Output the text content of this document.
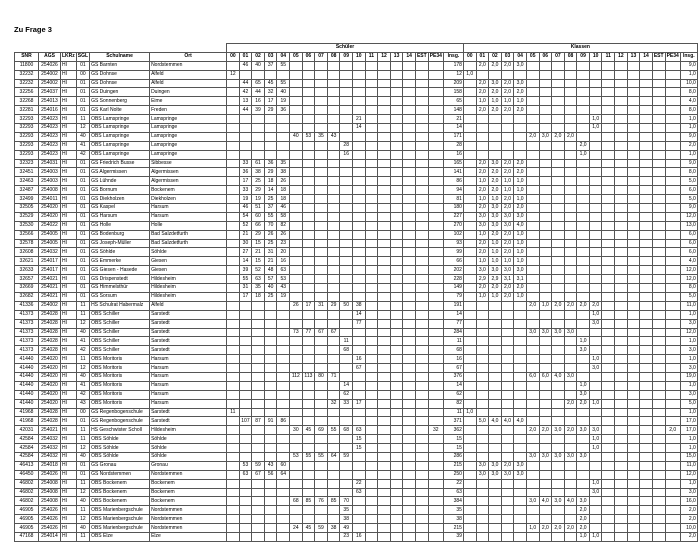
Zu Frage 3
						Schüler																		Klassen																	
SNR	AGS	LKRz	SGL	Schulname	Ort	00	01	02	03	04	05	06	07	08	09	10	11	12	13	14	EST	PE34	Insg.	00	01	02	03	04	05	06	07	08	09	10	11	12	13	14	EST	PE34	Insg.
11800	254026	HI	01	GS Barnten	Nordstemmen		46	40	37	55													178		2,0	2,0	2,0	3,0													9,0
32232	254002	HI	00	GS Dohnse	Alfeld	12																	12	1,0																	1,0
32232	254002	HI	01	GS Dohnse	Alfeld		44	65	45	55													209		2,0	3,0	2,0	3,0													10,0
32256	254037	HI	01	GS Duingen	Duingen		42	44	32	40													158		2,0	2,0	2,0	2,0													8,0
32268	254013	HI	01	GS Sonnenberg	Eime		13	16	17	19													65		1,0	1,0	1,0	1,0													4,0
32281	254016	HI	01	GS Karl Nolte	Freden		44	39	29	36													148		2,0	2,0	2,0	2,0													8,0
32293	254023	HI	11	OBS Lamspringe	Lamspringe											21							21											1,0							1,0
32293	254023	HI	12	OBS Lamspringe	Lamspringe											14							14											1,0							1,0
32293	254023	HI	40	OBS Lamspringe	Lamspringe						40	53	35	43									171						2,0	3,0	2,0	2,0									9,0
32293	254023	HI	41	OBS Lamspringe	Lamspringe										28								28										2,0								2,0
32293	254023	HI	42	OBS Lamspringe	Lamspringe										16								16										1,0								1,0
32323	254031	HI	01	GS Friedrich Busse	Sibbesse		33	61	36	35													165		2,0	3,0	2,0	2,0													9,0
32451	254003	HI	01	GS Algermissen	Algermissen		36	38	29	38													141		2,0	2,0	2,0	2,0													8,0
32463	254003	HI	01	GS Lühnde	Algermissen		17	25	18	26													86		1,0	2,0	1,0	1,0													5,0
32487	254008	HI	01	GS Bornum	Bockenem		33	29	14	18													94		2,0	2,0	1,0	1,0													6,0
32499	254011	HI	01	GS Diekholzen	Diekholzen		19	19	25	18													81		1,0	1,0	2,0	1,0													5,0
32505	254020	HI	01	GS Kaspel	Harsum		46	51	37	46													180		2,0	3,0	2,0	2,0													9,0
32529	254020	HI	01	GS Harsum	Harsum		54	60	55	58													227		3,0	3,0	3,0	3,0													12,0
32530	254022	HI	01	GS Holle	Holle		52	66	70	82													270		3,0	3,0	3,0	4,0													13,0
32566	254005	HI	01	GS Bodenburg	Bad Salzdetfurth		21	29	26	26													102		1,0	2,0	2,0	1,0													6,0
32578	254005	HI	01	GS Joseph-Müller	Bad Salzdetfurth		30	15	25	23													93		2,0	1,0	2,0	1,0													6,0
32608	254032	HI	01	GS Söhlde	Söhlde		27	21	31	20													99		2,0	1,0	2,0	1,0													6,0
32621	254017	HI	01	GS Emmerke	Giesen		14	15	21	16													66		1,0	1,0	1,0	1,0													4,0
32633	254017	HI	01	GS Giesen - Hasede	Giesen		39	52	48	63													202		3,0	3,0	3,0	3,0													12,0
32657	254021	HI	01	GS Drispenstedt	Hildesheim		55	63	57	53													228		2,9	2,9	3,1	3,1													12,0
32669	254021	HI	01	GS Himmelsthür	Hildesheim		31	35	40	43													149		2,0	2,0	2,0	2,0													8,0
32682	254021	HI	01	GS Sorsum	Hildesheim		17	18	25	19													79		1,0	1,0	2,0	1,0													5,0
41336	254002	HI	11	HS Schulrat Habermalz	Alfeld						26	17	31	29	50	38							191						2,0	1,0	2,0	2,0	2,0	2,0							11,0
41373	254028	HI	11	OBS Schiller	Sarstedt											14							14											1,0							1,0
41373	254028	HI	12	OBS Schiller	Sarstedt											77							77											3,0							3,0
41373	254028	HI	40	OBS Schiller	Sarstedt						73	77	67	67									284						3,0	3,0	3,0	3,0									12,0
41373	254028	HI	41	OBS Schiller	Sarstedt										11								11										1,0								1,0
41373	254028	HI	42	OBS Schiller	Sarstedt										68								68										3,0								3,0
41440	254020	HI	11	OBS Moritoris	Harsum											16							16											1,0							1,0
41440	254020	HI	12	OBS Moritoris	Harsum											67							67											3,0							3,0
41440	254020	HI	40	OBS Moritoris	Harsum						112	113	80	71									376						6,0	6,0	4,0	3,0									19,0
41440	254020	HI	41	OBS Moritoris	Harsum										14								14										1,0								1,0
41440	254020	HI	42	OBS Moritoris	Harsum										62								62										3,0								3,0
41440	254020	HI	43	OBS Moritoris	Harsum									32	33	17							82									2,0	2,0	1,0							5,0
41968	254028	HI	00	GS Regenbogenschule	Sarstedt	11																	11	1,0																	1,0
41968	254028	HI	01	GS Regenbogenschule	Sarstedt		107	87	91	86													371		5,0	4,0	4,0	4,0													17,0
42031	254021	HI	11	HS Geschwister Scholl	Hildesheim						30	45	69	55	68	63						32	362						2,0	2,0	3,0	2,0	3,0	3,0						2,0	17,0
42584	254032	HI	11	OBS Söhlde	Söhlde											15							15											1,0							1,0
42584	254032	HI	12	OBS Söhlde	Söhlde											15							15											1,0							1,0
42584	254032	HI	40	OBS Söhlde	Söhlde						53	55	55	64	59								286						3,0	3,0	3,0	3,0	3,0								15,0
46413	254018	HI	01	GS Gronau	Gronau		53	59	43	60													215		3,0	3,0	2,0	3,0													11,0
46450	254026	HI	01	GS Nordstemmen	Nordstemmen		63	67	56	64													250		3,0	3,0	3,0	3,0													12,0
46802	254008	HI	11	OBS Bockenem	Bockenem											22							22											1,0							1,0
46802	254008	HI	12	OBS Bockenem	Bockenem											63							63											3,0							3,0
46802	254008	HI	40	OBS Bockenem	Bockenem						68	85	76	85	70								384						3,0	4,0	3,0	4,0	3,0								16,0
46905	254026	HI	11	OBS Marienbergschule	Nordstemmen										35								35										2,0								2,0
46905	254026	HI	12	OBS Marienbergschule	Nordstemmen										38								38										2,0								2,0
46905	254026	HI	40	OBS Marienbergschule	Nordstemmen						24	45	59	38	49								215						1,0	2,0	2,0	2,0	2,0								10,0
47168	254014	HI	11	OBS Elze	Elze										23	16							39										1,0	1,0							2,0
